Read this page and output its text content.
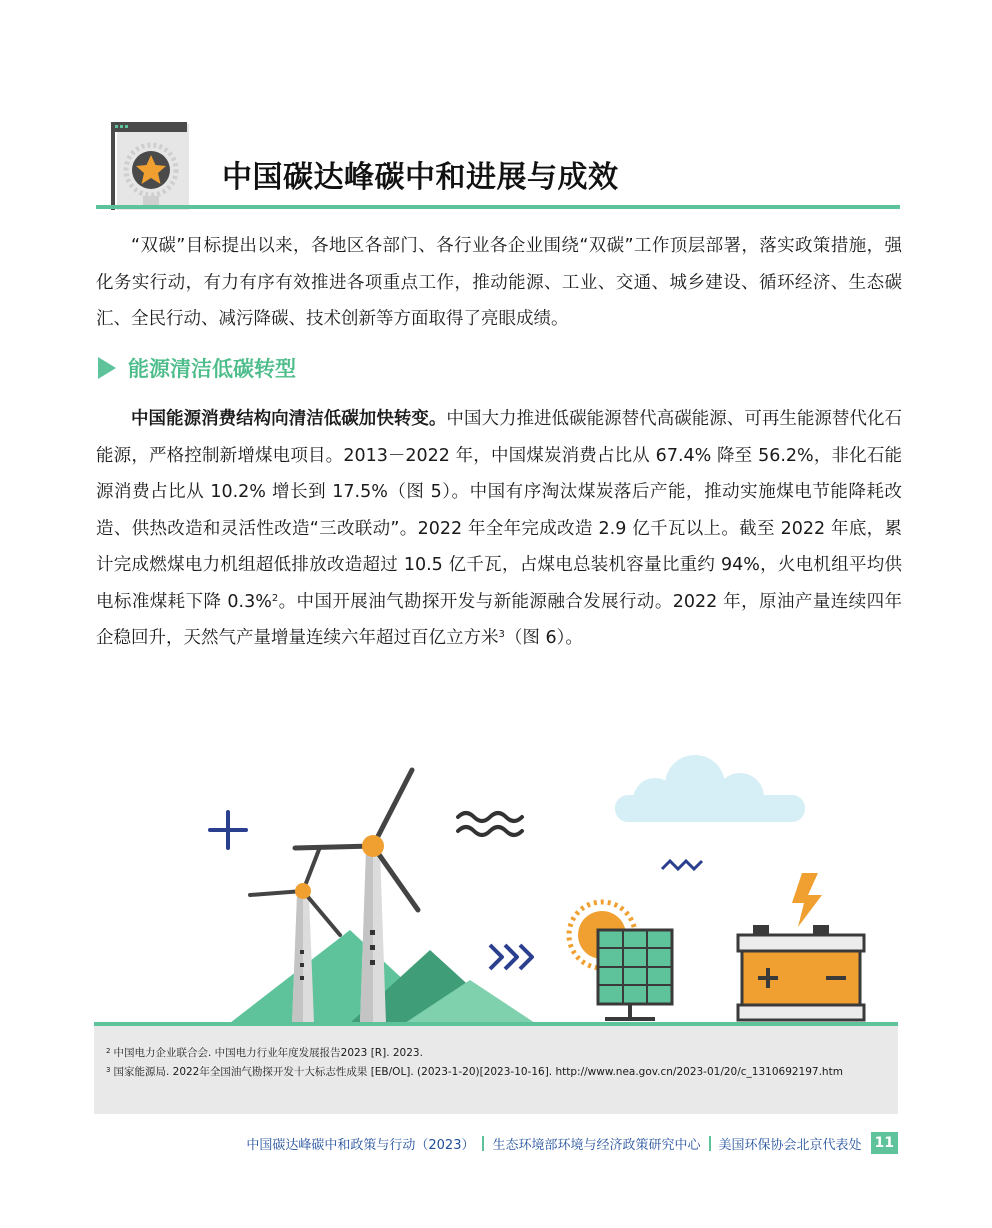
中国碳达峰碳中和进展与成效

“双碳”目标提出以来，各地区各部门、各行业各企业围绕“双碳”工作顶层部署，落实政策措施，强化务实行动，有力有序有效推进各项重点工作，推动能源、工业、交通、城乡建设、循环经济、生态碳汇、全民行动、减污降碳、技术创新等方面取得了亮眼成绩。

能源清洁低碳转型

中国能源消费结构向清洁低碳加快转变。中国大力推进低碳能源替代高碳能源、可再生能源替代化石能源，严格控制新增煤电项目。2013－2022 年，中国煤炭消费占比从 67.4% 降至 56.2%，非化石能源消费占比从 10.2% 增长到 17.5%（图 5）。中国有序淘汰煤炭落后产能，推动实施煤电节能降耗改造、供热改造和灵活性改造“三改联动”。2022 年全年完成改造 2.9 亿千瓦以上。截至 2022 年底，累计完成燃煤电力机组超低排放改造超过 10.5 亿千瓦，占煤电总装机容量比重约 94%，火电机组平均供电标准煤耗下降 0.3%$^2$。中国开展油气勘探开发与新能源融合发展行动。2022 年，原油产量连续四年企稳回升，天然气产量增量连续六年超过百亿立方米$^3$（图 6）。

$^2$ 中国电力企业联合会. 中国电力行业年度发展报告2023 [R]. 2023.
$^3$ 国家能源局. 2022年全国油气勘探开发十大标志性成果 [EB/OL]. (2023-1-20)[2023-10-16]. http://www.nea.gov.cn/2023-01/20/c_1310692197.htm
中国碳达峰碳中和政策与行动（2023） 生态环境部环境与经济政策研究中心 美国环保协会北京代表处 11
